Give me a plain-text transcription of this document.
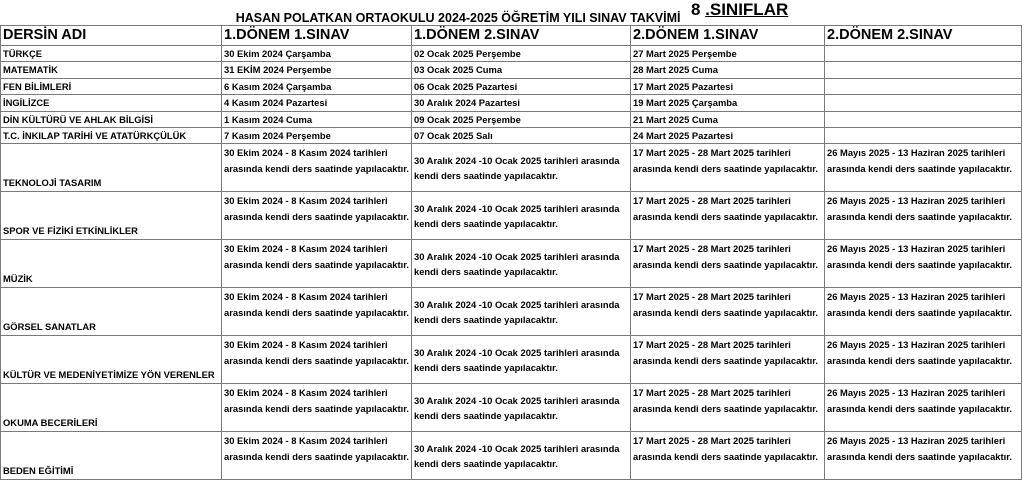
$_{HASAN POLATKAN ORTAOKULU 2024-2025 ÖĞRETİM YILI SINAV TAKVİMİ}$ 8 .SINIFLAR
DERSİN ADI	1.DÖNEM 1.SINAV	1.DÖNEM 2.SINAV	2.DÖNEM 1.SINAV	2.DÖNEM 2.SINAV
TÜRKÇE	30 Ekim 2024 Çarşamba	02 Ocak 2025 Perşembe	27 Mart 2025 Perşembe	
MATEMATİK	31 EKİM 2024 Perşembe	03 Ocak 2025 Cuma	28 Mart 2025 Cuma	
FEN BİLİMLERİ	6 Kasım 2024 Çarşamba	06 Ocak 2025 Pazartesi	17 Mart 2025 Pazartesi	
İNGİLİZCE	4 Kasım 2024 Pazartesi	30 Aralık 2024 Pazartesi	19 Mart 2025 Çarşamba	
DİN KÜLTÜRÜ VE AHLAK BİLGİSİ	1 Kasım 2024 Cuma	09 Ocak 2025 Perşembe	21 Mart 2025 Cuma	
T.C. İNKILAP TARİHİ VE ATATÜRKÇÜLÜK	7 Kasım 2024 Perşembe	07 Ocak 2025 Salı	24 Mart 2025 Pazartesi	
TEKNOLOJİ TASARIM	30 Ekim 2024 - 8 Kasım 2024 tarihleri arasında kendi ders saatinde yapılacaktır.	30 Aralık 2024 -10 Ocak 2025 tarihleri arasında kendi ders saatinde yapılacaktır.	17 Mart 2025 - 28 Mart 2025 tarihleri arasında kendi ders saatinde yapılacaktır.	26 Mayıs 2025 - 13 Haziran 2025 tarihleri arasında kendi ders saatinde yapılacaktır.
SPOR VE FİZİKİ ETKİNLİKLER	30 Ekim 2024 - 8 Kasım 2024 tarihleri arasında kendi ders saatinde yapılacaktır.	30 Aralık 2024 -10 Ocak 2025 tarihleri arasında kendi ders saatinde yapılacaktır.	17 Mart 2025 - 28 Mart 2025 tarihleri arasında kendi ders saatinde yapılacaktır.	26 Mayıs 2025 - 13 Haziran 2025 tarihleri arasında kendi ders saatinde yapılacaktır.
MÜZİK	30 Ekim 2024 - 8 Kasım 2024 tarihleri arasında kendi ders saatinde yapılacaktır.	30 Aralık 2024 -10 Ocak 2025 tarihleri arasında kendi ders saatinde yapılacaktır.	17 Mart 2025 - 28 Mart 2025 tarihleri arasında kendi ders saatinde yapılacaktır.	26 Mayıs 2025 - 13 Haziran 2025 tarihleri arasında kendi ders saatinde yapılacaktır.
GÖRSEL SANATLAR	30 Ekim 2024 - 8 Kasım 2024 tarihleri arasında kendi ders saatinde yapılacaktır.	30 Aralık 2024 -10 Ocak 2025 tarihleri arasında kendi ders saatinde yapılacaktır.	17 Mart 2025 - 28 Mart 2025 tarihleri arasında kendi ders saatinde yapılacaktır.	26 Mayıs 2025 - 13 Haziran 2025 tarihleri arasında kendi ders saatinde yapılacaktır.
KÜLTÜR VE MEDENİYETİMİZE YÖN VERENLER	30 Ekim 2024 - 8 Kasım 2024 tarihleri arasında kendi ders saatinde yapılacaktır.	30 Aralık 2024 -10 Ocak 2025 tarihleri arasında kendi ders saatinde yapılacaktır.	17 Mart 2025 - 28 Mart 2025 tarihleri arasında kendi ders saatinde yapılacaktır.	26 Mayıs 2025 - 13 Haziran 2025 tarihleri arasında kendi ders saatinde yapılacaktır.
OKUMA BECERİLERİ	30 Ekim 2024 - 8 Kasım 2024 tarihleri arasında kendi ders saatinde yapılacaktır.	30 Aralık 2024 -10 Ocak 2025 tarihleri arasında kendi ders saatinde yapılacaktır.	17 Mart 2025 - 28 Mart 2025 tarihleri arasında kendi ders saatinde yapılacaktır.	26 Mayıs 2025 - 13 Haziran 2025 tarihleri arasında kendi ders saatinde yapılacaktır.
BEDEN EĞİTİMİ	30 Ekim 2024 - 8 Kasım 2024 tarihleri arasında kendi ders saatinde yapılacaktır.	30 Aralık 2024 -10 Ocak 2025 tarihleri arasında kendi ders saatinde yapılacaktır.	17 Mart 2025 - 28 Mart 2025 tarihleri arasında kendi ders saatinde yapılacaktır.	26 Mayıs 2025 - 13 Haziran 2025 tarihleri arasında kendi ders saatinde yapılacaktır.
